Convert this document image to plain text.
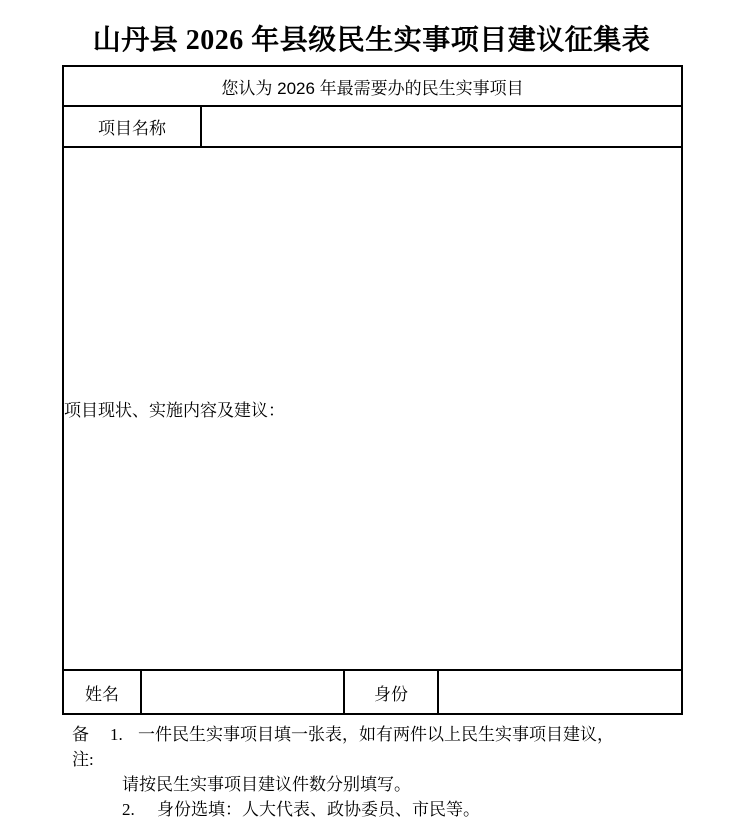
山丹县 2026 年县级民生实事项目建议征集表
您认为 2026 年最需要办的民生实事项目				
项目名称				
项目现状、实施内容及建议：				
姓名			身份	
备注:
1. 一件民生实事项目填一张表，如有两件以上民生实事项目建议，
请按民生实事项目建议件数分别填写。
2.	身份选填：人大代表、政协委员、市民等。
